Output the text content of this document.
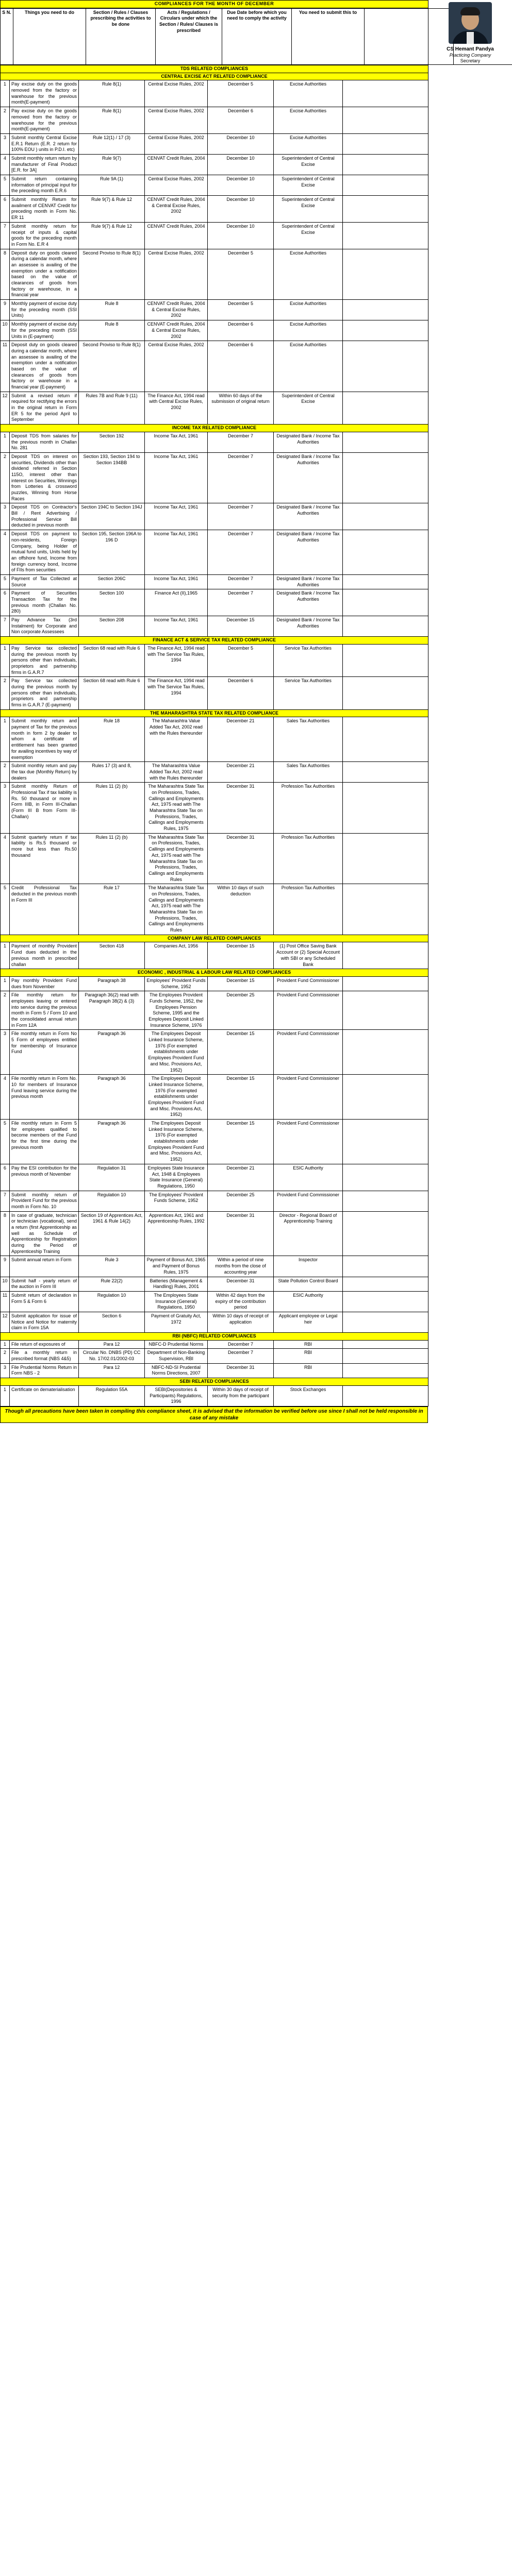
COMPLIANCES FOR THE MONTH OF DECEMBER
S N.	Things you need to do	Section / Rules / Clauses prescribing the activities to be done	Acts / Regulations / Circulars under which the Section / Rules/ Clauses is prescribed	Due Date before which you need to comply the activity	You need to submit this to	
CS Hemant Pandya
Practicing Company
Secretary
TDS RELATED COMPLIANCES						
CENTRAL EXCISE ACT RELATED COMPLIANCE						
1	Pay excise duty on the goods removed from the factory or warehouse for the previous month(E-payment)	Rule 8(1)	Central Excise Rules, 2002	December 5	Excise Authorities	
2	Pay excise duty on the goods removed from the factory or warehouse for the previous month(E-payment)	Rule 8(1)	Central Excise Rules, 2002	December 6	Excise Authorities	
3	Submit monthly Central Excise E.R.1 Return (E.R. 2 return for 100% EOU ) units in P.D.I. etc)	Rule 12(1) / 17 (3)	Central Excise Rules, 2002	December 10	Excise Authorities	
4	Submit monthly return return by manufacturer of Final Product [E.R. for 3A]	Rule 9(7)	CENVAT Credit Rules, 2004	December 10	Superintendent of Central Excise	
5	Submit return containing information of principal input for the preceding month E.R.6	Rule 9A (1)	Central Excise Rules, 2002	December 10	Superintendent of Central Excise	
6	Submit monthly Return for availment of CENVAT Credit for preceding month in Form No. ER 11	Rule 9(7) & Rule 12	CENVAT Credit Rules, 2004 & Central Excise Rules, 2002	December 10	Superintendent of Central Excise	
7	Submit monthly return for receipt of inputs & capital goods for the preceding month in Form No. E.R 4	Rule 9(7) & Rule 12	CENVAT Credit Rules, 2004	December 10	Superintendent of Central Excise	
8	Deposit duty on goods cleared during a calendar month, where an assessee is availing of the exemption under a notification based on the value of clearances of goods from factory or warehouse, in a financial year	Second Proviso to Rule 8(1)	Central Excise Rules, 2002	December 5	Excise Authorities	
9	Monthly payment of excise duty for the preceding month (SSI Units)	Rule 8	CENVAT Credit Rules, 2004 & Central Excise Rules, 2002	December 5	Excise Authorities	
10	Monthly payment of excise duty for the preceding month (SSI Units in (E-payment)	Rule 8	CENVAT Credit Rules, 2004 & Central Excise Rules, 2002	December 6	Excise Authorities	
11	Deposit duty on goods cleared during a calendar month, where an assessee is availing of the exemption under a notification based on the value of clearances of goods from factory or warehouse in a financial year (E-payment)	Second Proviso to Rule 8(1)	Central Excise Rules, 2002	December 6	Excise Authorities	
12	Submit a revised return if required for rectifying the errors in the original return in Form ER 5 for the period April to September	Rules 7B and Rule 9 (11)	The Finance Act, 1994 read with Central Excise Rules, 2002	Within 60 days of the submission of original return	Superintendent of Central Excise	
INCOME TAX RELATED COMPLIANCE						
1	Deposit TDS from salaries for the previous month in Challan No. 281	Section 192	Income Tax Act, 1961	December 7	Designated Bank / Income Tax Authorities	
2	Deposit TDS on interest on securities, Dividends other than dividend referred in Section 115O, interest other than interest on Securities, Winnings from Lotteries & crossword puzzles, Winning from Horse Races	Section 193, Section 194 to Section 194BB	Income Tax Act, 1961	December 7	Designated Bank / Income Tax Authorities	
3	Deposit TDS on Contractor's Bill / Rent Advertising / Professional Service Bill deducted in previous month	Section 194C to Section 194J	Income Tax Act, 1961	December 7	Designated Bank / Income Tax Authorities	
4	Deposit TDS on payment to non-residents, Foreign Company, being Holder of mutual fund units, Units held by an offshore fund, Income from foreign currency bond, Income of FIIs from securities	Section 195, Section 196A to 196 D	Income Tax Act, 1961	December 7	Designated Bank / Income Tax Authorities	
5	Payment of Tax Collected at Source	Section 206C	Income Tax Act, 1961	December 7	Designated Bank / Income Tax Authorities	
6	Payment of Securities Transaction Tax for the previous month (Challan No. 280)	Section 100	Finance Act (II),1965	December 7	Designated Bank / Income Tax Authorities	
7	Pay Advance Tax (3rd Instalment) for Corporate and Non corporate Assessees	Section 208	Income Tax Act, 1961	December 15	Designated Bank / Income Tax Authorities	
FINANCE ACT & SERVICE TAX RELATED COMPLIANCE						
1	Pay Service tax collected during the previous month by persons other than individuals, proprietors and partnership firms in G.A.R.7	Section 68 read with Rule 6	The Finance Act, 1994 read with The Service Tax Rules, 1994	December 5	Service Tax Authorities	
2	Pay Service tax collected during the previous month by persons other than individuals, proprietors and partnership firms in G.A.R.7 (E-payment)	Section 68 read with Rule 6	The Finance Act, 1994 read with The Service Tax Rules, 1994	December 6	Service Tax Authorities	
THE MAHARASHTRA STATE TAX RELATED COMPLIANCE						
1	Submit monthly return and payment of Tax for the previous month in form 2 by dealer to whom a certificate of entitlement has been granted for availing incentives by way of exemption	Rule 18	The Maharashtra Value Added Tax Act, 2002 read with the Rules thereunder	December 21	Sales Tax Authorities	
2	Submit monthly return and pay the tax due (Monthly Return) by dealers	Rules 17 (3) and 8,	The Maharashtra Value Added Tax Act, 2002 read with the Rules thereunder	December 21	Sales Tax Authorities	
3	Submit monthly Return of Professional Tax if tax liability is Rs. 50 thousand or more in Form IIIB, in Form III-Challan (Form III B from Form III-Challan)	Rules 11 (2) (b)	The Maharashtra State Tax on Professions, Trades, Callings and Employments Act, 1975 read with The Maharashtra State Tax on Professions, Trades, Callings and Employments Rules, 1975	December 31	Profession Tax Authorities	
4	Submit quarterly return if tax liability is Rs.5 thousand or more but less than Rs.50 thousand	Rules 11 (2) (b)	The Maharashtra State Tax on Professions, Trades, Callings and Employments Act, 1975 read with The Maharashtra State Tax on Professions, Trades, Callings and Employments Rules	December 31	Profession Tax Authorities	
5	Credit Professional Tax deducted in the previous month in Form III	Rule 17	The Maharashtra State Tax on Professions, Trades, Callings and Employments Act, 1975 read with The Maharashtra State Tax on Professions, Trades, Callings and Employments Rules	Within 10 days of such deduction	Profession Tax Authorities	
COMPANY LAW RELATED COMPLIANCES						
1	Payment of monthly Provident Fund dues deducted in the previous month in prescribed challan	Section 418	Companies Act, 1956	December 15	(1) Post Office Saving Bank Account or (2) Special Account with SBI or any Scheduled Bank	
ECONOMIC , INDUSTRIAL & LABOUR LAW RELATED COMPLIANCES						
1	Pay monthly Provident Fund dues from November	Paragraph 38	Employees' Provident Funds Scheme, 1952	December 15	Provident Fund Commissioner	
2	File monthly return for employees leaving or entered into service during the previous month in Form 5 / Form 10 and the consolidated annual return in Form 12A	Paragraph 36(2) read with Paragraph 38(2) & (3)	The Employees Provident Funds Scheme, 1952, the Employees Pension Scheme, 1995 and the Employees Deposit Linked Insurance Scheme, 1976	December 25	Provident Fund Commissioner	
3	File monthly return in Form No 5 Form of employees entitled for membership of Insurance Fund	Paragraph 36	The Employees Deposit Linked Insurance Scheme, 1976 (For exempted establishments under Employees Provident Fund and Misc. Provisions Act, 1952)	December 15	Provident Fund Commissioner	
4	File monthly return in Form No. 10 for members of Insurance Fund leaving service during the previous month	Paragraph 36	The Employees Deposit Linked Insurance Scheme, 1976 (For exempted establishments under Employees Provident Fund and Misc. Provisions Act, 1952)	December 15	Provident Fund Commissioner	
5	File monthly return in Form 5 for employees qualified to become members of the Fund for the first time during the previous month	Paragraph 36	The Employees Deposit Linked Insurance Scheme, 1976 (For exempted establishments under Employees Provident Fund and Misc. Provisions Act, 1952)	December 15	Provident Fund Commissioner	
6	Pay the ESI contribution for the previous month of November	Regulation 31	Employees State Insurance Act, 1948 & Employees State Insurance (General) Regulations, 1950	December 21	ESIC Authority	
7	Submit monthly return of Provident Fund for the previous month in Form No. 10	Regulation 10	The Employees' Provident Funds Scheme, 1952	December 25	Provident Fund Commissioner	
8	In case of graduate, technician or technician (vocational), send a return (first Apprenticeship as well as Schedule of Apprenticeship for Registration during the Period of Apprenticeship Training	Section 19 of Apprentices Act, 1961 & Rule 14(2)	Apprentices Act, 1961 and Apprenticeship Rules, 1992	December 31	Director - Regional Board of Apprenticeship Training	
9	Submit annual return in Form	Rule 3	Payment of Bonus Act, 1965 and Payment of Bonus Rules, 1975	Within a period of nine months from the close of accounting year	Inspector	
10	Submit half - yearly return of the auction in Form III	Rule 22(2)	Batteries (Management & Handling) Rules, 2001	December 31	State Pollution Control Board	
11	Submit return of declaration in Form 5 & Form 6	Regulation 10	The Employees State Insurance (General) Regulations, 1950	Within 42 days from the expiry of the contribution period	ESIC Authority	
12	Submit application for issue of Notice and Notice for maternity claim in Form 15A	Section 6	Payment of Gratuity Act, 1972	Within 10 days of receipt of application	Applicant employee or Legal heir	
RBI (NBFC) RELATED COMPLIANCES						
1	File return of exposures of	Para 12	NBFC-D Prudential Norms	December 7	RBI	
2	File a monthly return in prescribed format (NBS 4&5)	Circular No. DNBS (PD) CC No. 17/02.01/2002-03	Department of Non-Banking Supervision, RBI	December 7	RBI	
3	File Prudential Norms Return in Form NBS - 2	Para 12	NBFC-ND-SI Prudential Norms Directions, 2007	December 31	RBI	
SEBI RELATED COMPLIANCES						
1	Certificate on dematerialisation	Regulation 55A	SEBI(Depositories & Participants) Regulations, 1996	Within 30 days of receipt of security from the participant	Stock Exchanges	
Though all precautions have been taken in compiling this compliance sheet, it is advised that the information be verified before use since I shall not be held responsible in case of any mistake
